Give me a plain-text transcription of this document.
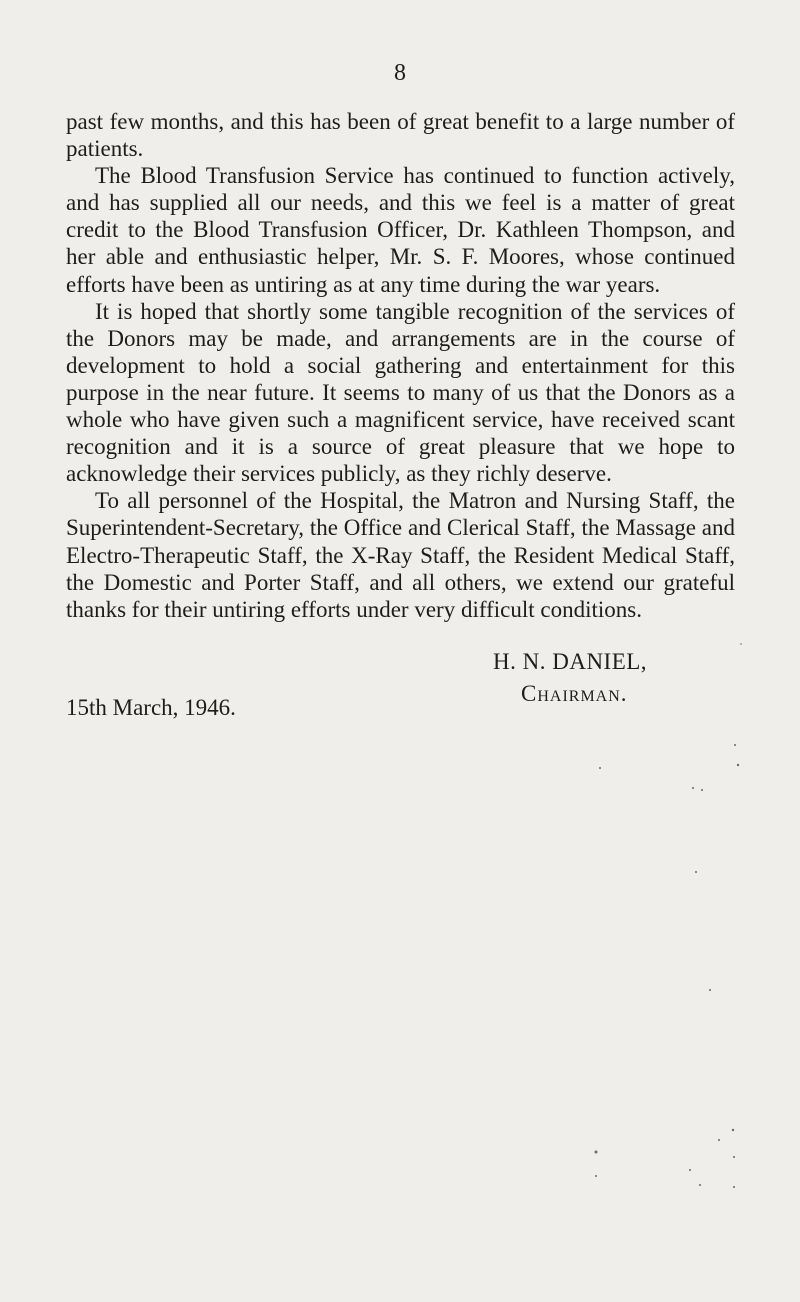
8

past few months, and this has been of great benefit to a large number of patients.

The Blood Transfusion Service has continued to function actively, and has supplied all our needs, and this we feel is a matter of great credit to the Blood Transfusion Officer, Dr. Kathleen Thompson, and her able and enthusiastic helper, Mr. S. F. Moores, whose continued efforts have been as untiring as at any time during the war years.

It is hoped that shortly some tangible recognition of the services of the Donors may be made, and arrangements are in the course of development to hold a social gathering and entertainment for this purpose in the near future. It seems to many of us that the Donors as a whole who have given such a magnificent service, have received scant recognition and it is a source of great pleasure that we hope to acknowledge their services publicly, as they richly deserve.

To all personnel of the Hospital, the Matron and Nursing Staff, the Superintendent-Secretary, the Office and Clerical Staff, the Massage and Electro-Therapeutic Staff, the X-Ray Staff, the Resident Medical Staff, the Domestic and Porter Staff, and all others, we extend our grateful thanks for their untiring efforts under very difficult conditions.

H. N. DANIEL,
Chairman.
15th March, 1946.
